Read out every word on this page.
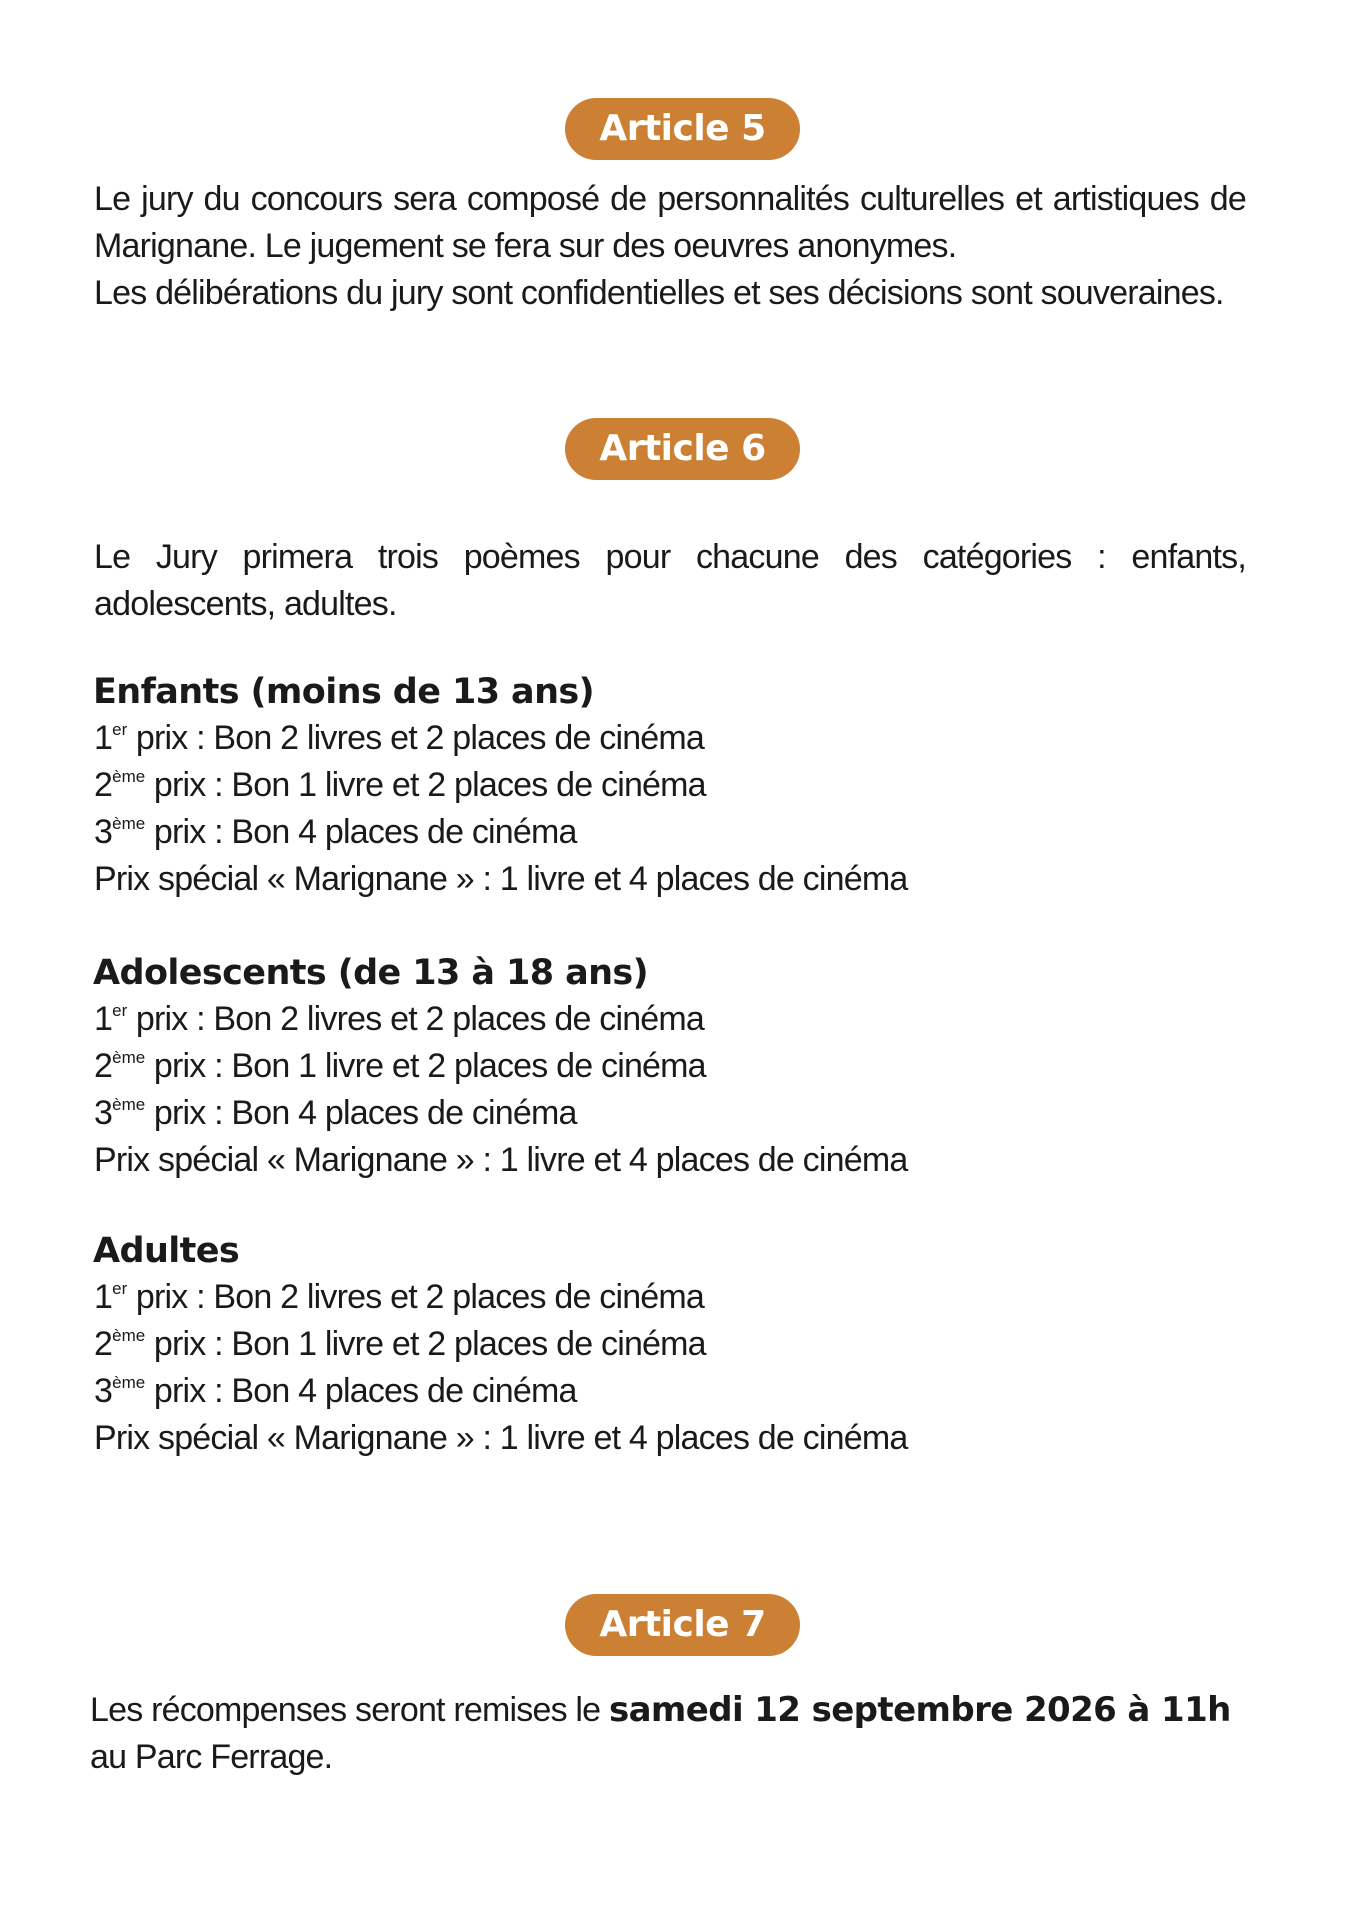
Article 5
Le jury du concours sera composé de personnalités culturelles et artistiques de Marignane. Le jugement se fera sur des oeuvres anonymes.
Les délibérations du jury sont confidentielles et ses décisions sont souveraines.
Article 6
Le Jury primera trois poèmes pour chacune des catégories : enfants, adolescents, adultes.
Enfants (moins de 13 ans)
1er prix : Bon 2 livres et 2 places de cinéma
2ème prix : Bon 1 livre et 2 places de cinéma
3ème prix : Bon 4 places de cinéma
Prix spécial « Marignane » : 1 livre et 4 places de cinéma
Adolescents (de 13 à 18 ans)
1er prix : Bon 2 livres et 2 places de cinéma
2ème prix : Bon 1 livre et 2 places de cinéma
3ème prix : Bon 4 places de cinéma
Prix spécial « Marignane » : 1 livre et 4 places de cinéma
Adultes
1er prix : Bon 2 livres et 2 places de cinéma
2ème prix : Bon 1 livre et 2 places de cinéma
3ème prix : Bon 4 places de cinéma
Prix spécial « Marignane » : 1 livre et 4 places de cinéma
Article 7
Les récompenses seront remises le samedi 12 septembre 2026 à 11h
au Parc Ferrage.
